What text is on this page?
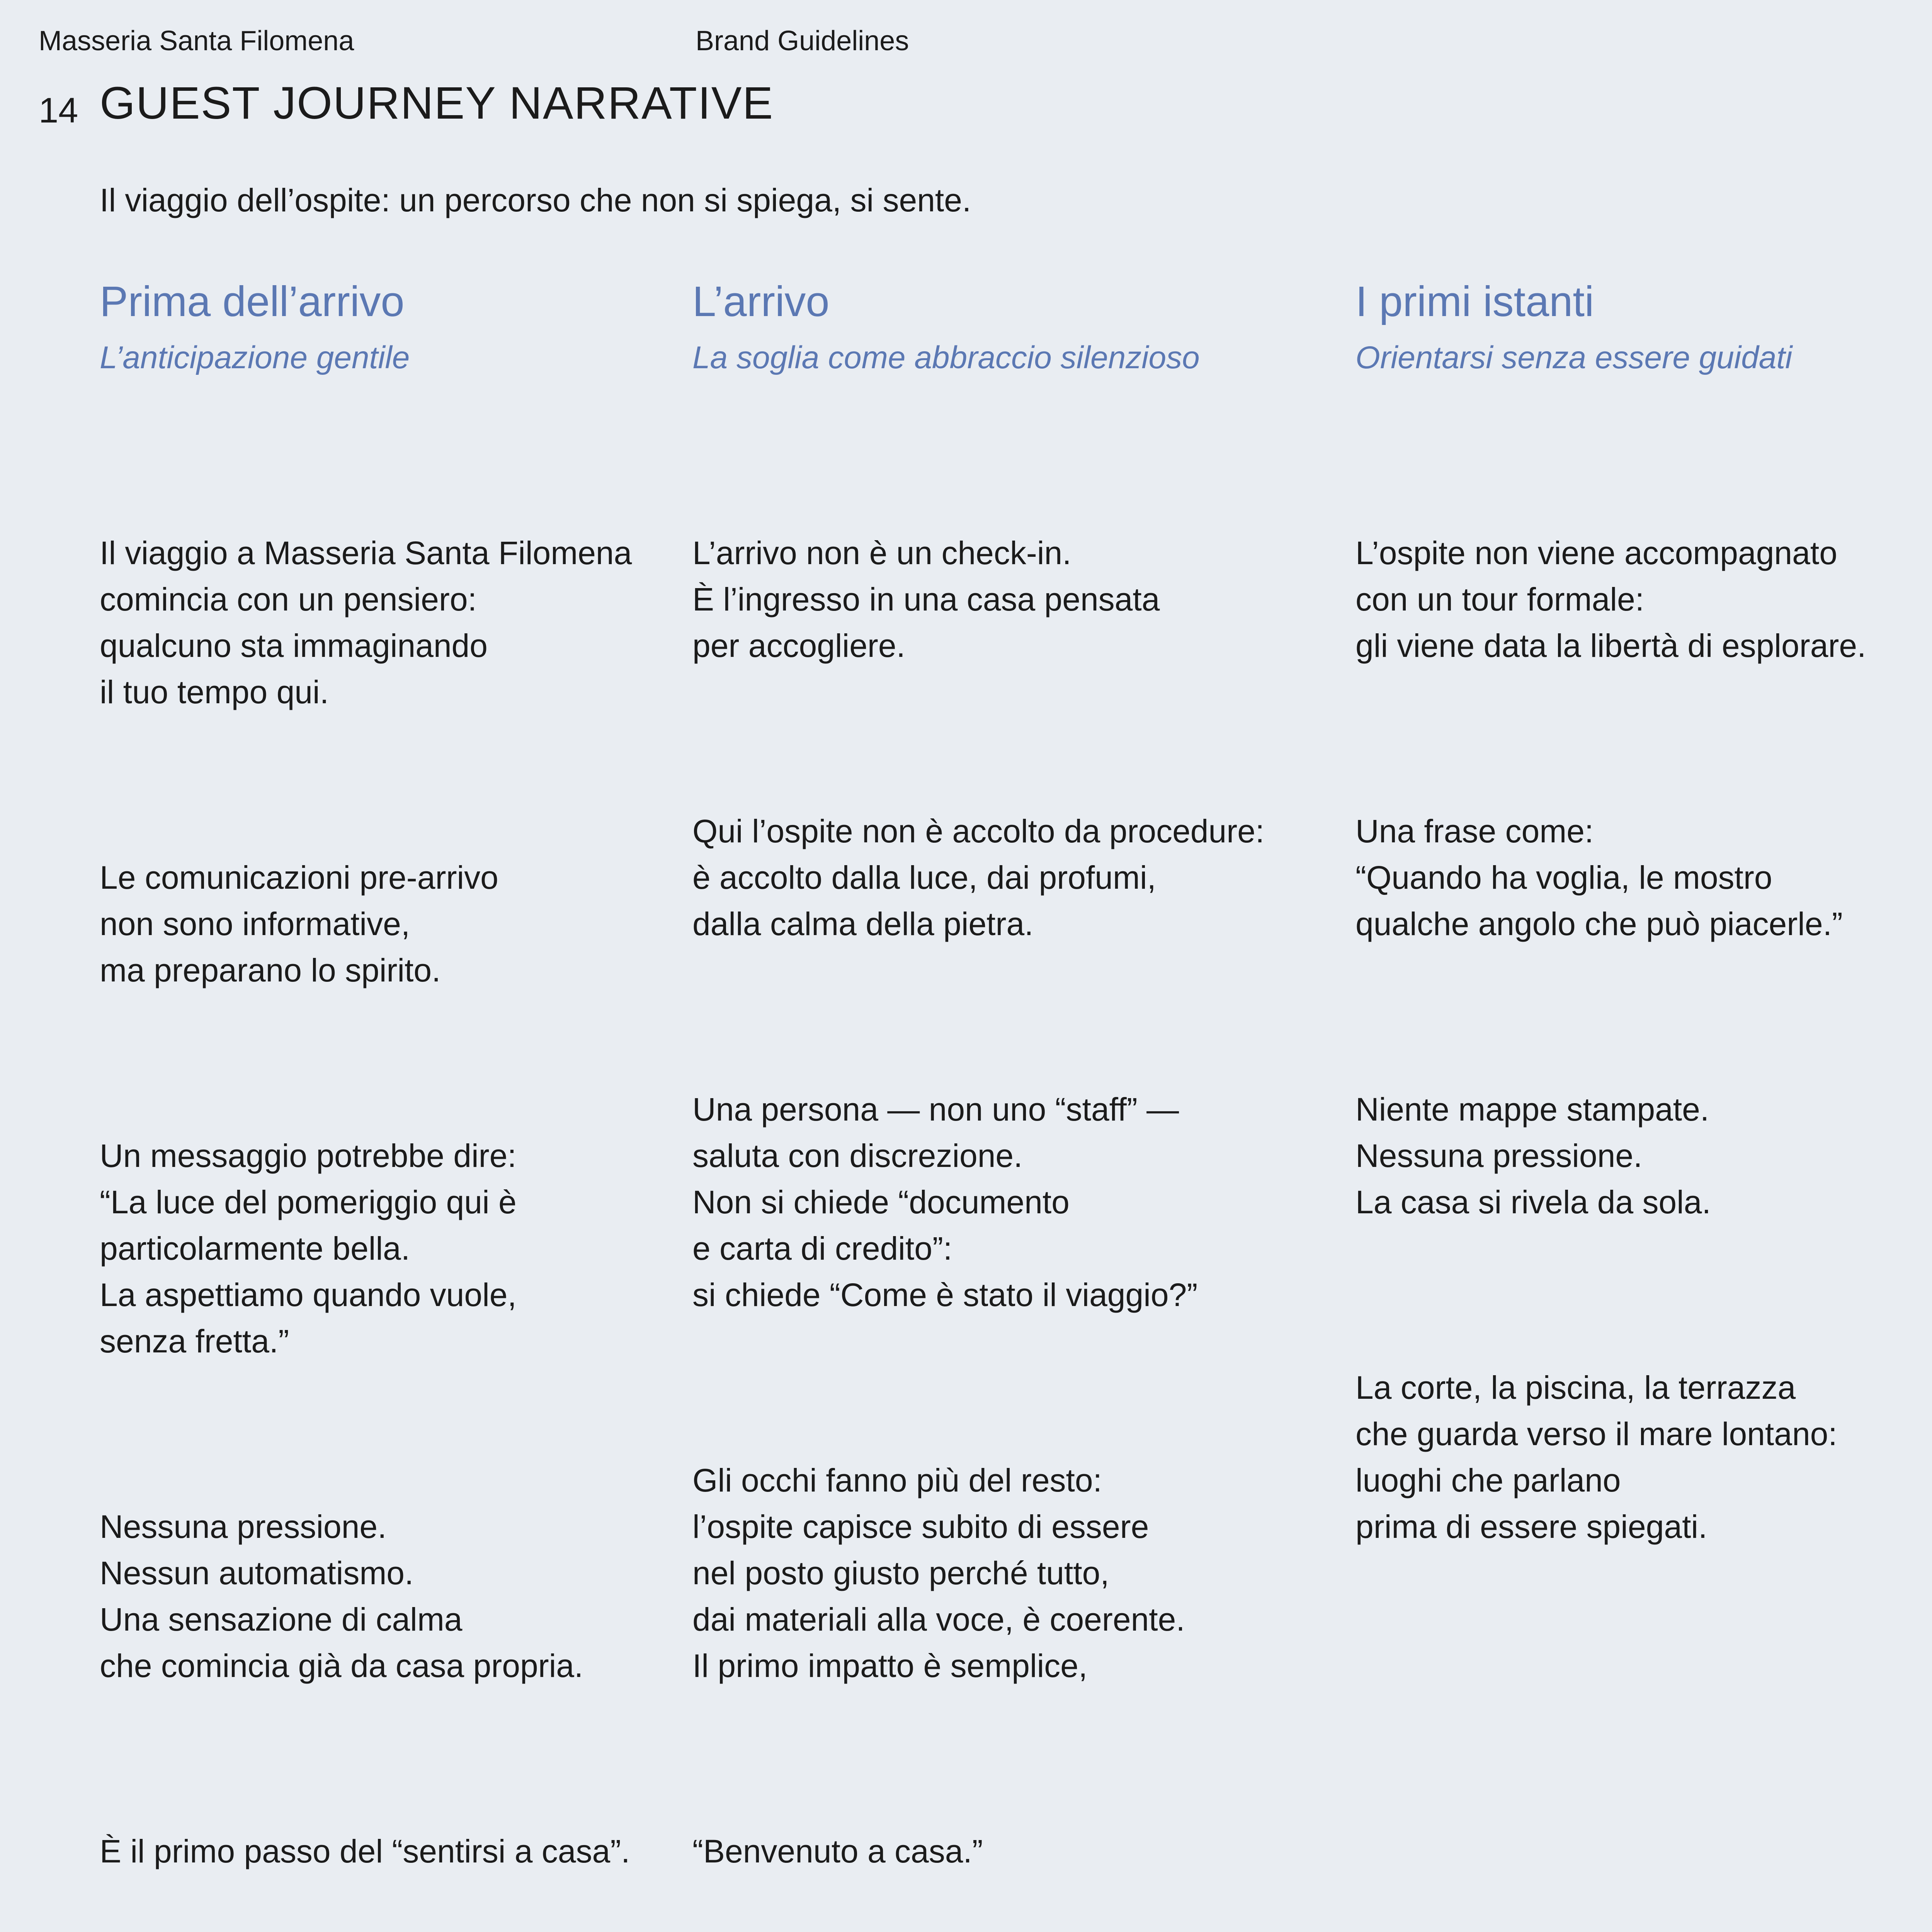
Masseria Santa Filomena	Brand Guidelines
14 GUEST JOURNEY NARRATIVE
Il viaggio dell’ospite: un percorso che non si spiega, si sente.
Prima dell’arrivo
L’anticipazione gentile

Il viaggio a Masseria Santa Filomena
comincia con un pensiero:
qualcuno sta immaginando
il tuo tempo qui.

Le comunicazioni pre-arrivo
non sono informative,
ma preparano lo spirito.

Un messaggio potrebbe dire:
“La luce del pomeriggio qui è
particolarmente bella.
La aspettiamo quando vuole,
senza fretta.”

Nessuna pressione.
Nessun automatismo.
Una sensazione di calma
che comincia già da casa propria.

È il primo passo del “sentirsi a casa”.

L’arrivo
La soglia come abbraccio silenzioso

L’arrivo non è un check-in.
È l’ingresso in una casa pensata
per accogliere.

Qui l’ospite non è accolto da procedure:
è accolto dalla luce, dai profumi,
dalla calma della pietra.

Una persona — non uno “staff” —
saluta con discrezione.
Non si chiede “documento
e carta di credito”:
si chiede “Come è stato il viaggio?”

Gli occhi fanno più del resto:
l’ospite capisce subito di essere
nel posto giusto perché tutto,
dai materiali alla voce, è coerente.
Il primo impatto è semplice,

“Benvenuto a casa.”

I primi istanti
Orientarsi senza essere guidati

L’ospite non viene accompagnato
con un tour formale:
gli viene data la libertà di esplorare.

Una frase come:
“Quando ha voglia, le mostro
qualche angolo che può piacerle.”

Niente mappe stampate.
Nessuna pressione.
La casa si rivela da sola.

La corte, la piscina, la terrazza
che guarda verso il mare lontano:
luoghi che parlano
prima di essere spiegati.
